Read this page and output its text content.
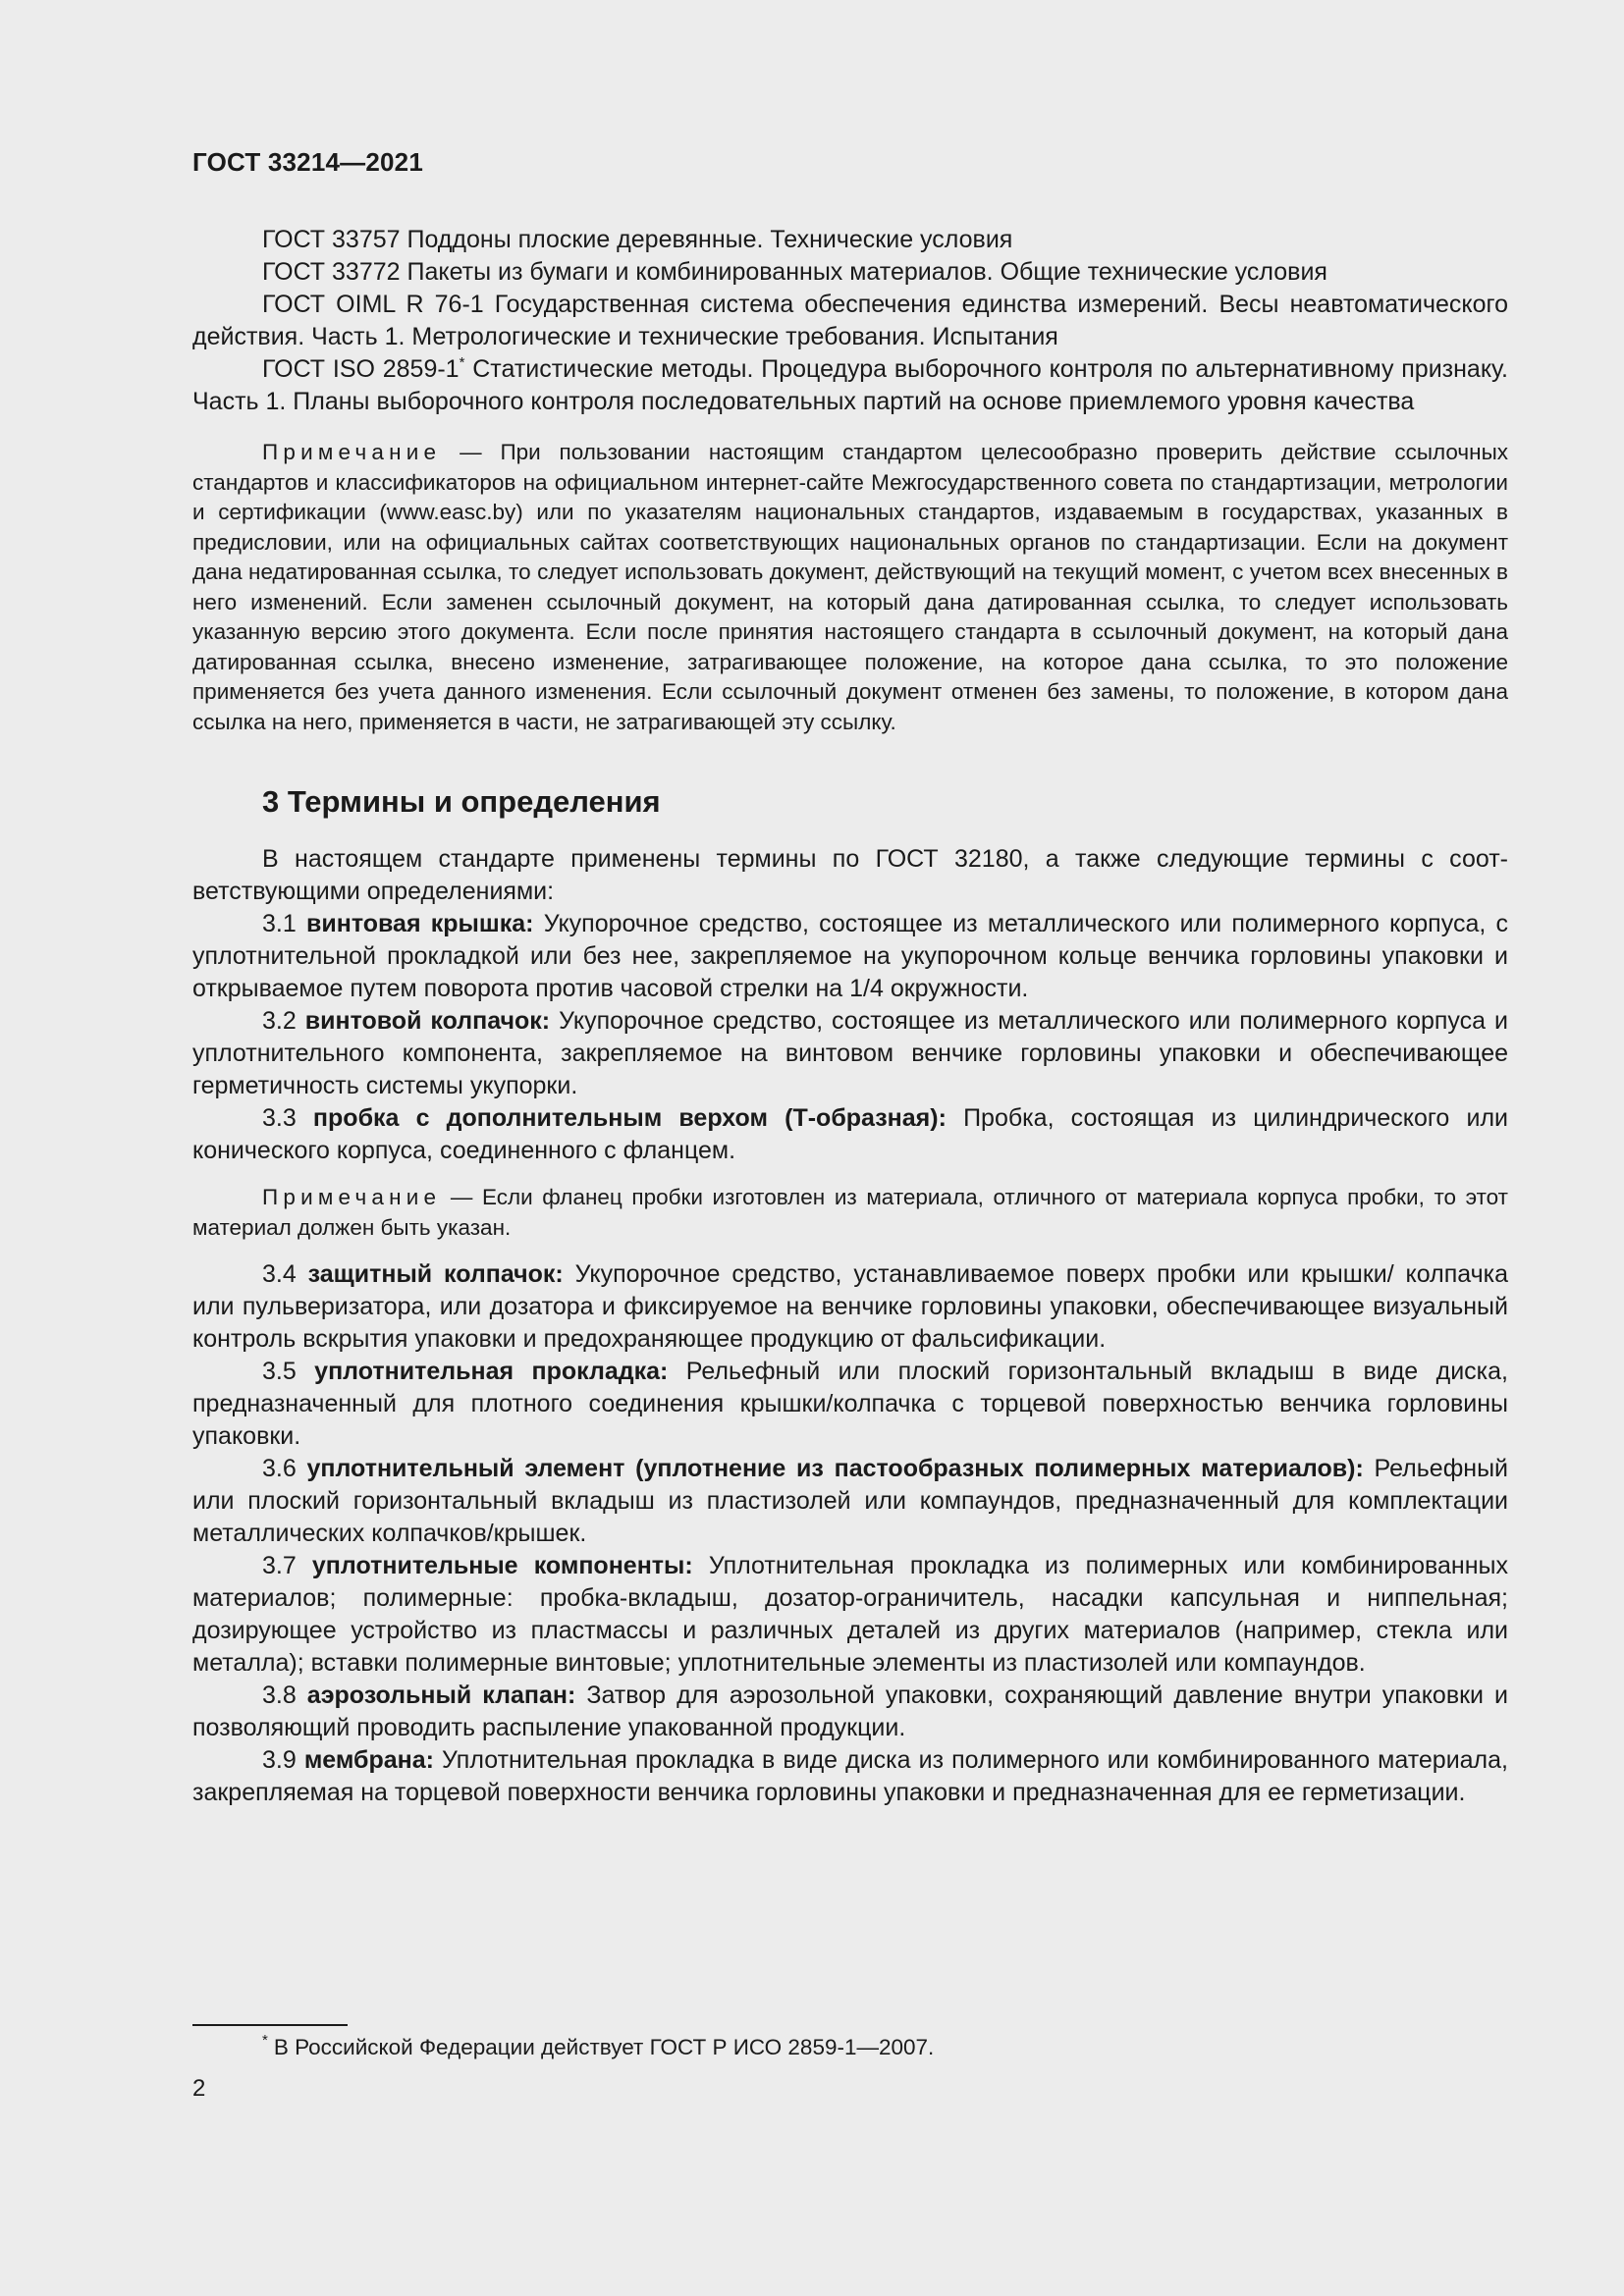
ГОСТ 33214—2021

ГОСТ 33757 Поддоны плоские деревянные. Технические условия

ГОСТ 33772 Пакеты из бумаги и комбинированных материалов. Общие технические условия

ГОСТ OIML R 76-1 Государственная система обеспечения единства измерений. Весы неавтоматического действия. Часть 1. Метрологические и технические требования. Испытания

ГОСТ ISO 2859-1* Статистические методы. Процедура выборочного контроля по альтернативному признаку. Часть 1. Планы выборочного контроля последовательных партий на основе приемлемого уровня качества

Примечание — При пользовании настоящим стандартом целесообразно проверить действие ссылочных стандартов и классификаторов на официальном интернет-сайте Межгосударственного совета по стандартизации, метрологии и сертификации (www.easc.by) или по указателям национальных стандартов, издаваемым в государствах, указанных в предисловии, или на официальных сайтах соответствующих национальных органов по стандартизации. Если на документ дана недатированная ссылка, то следует использовать документ, действующий на текущий момент, с учетом всех внесенных в него изменений. Если заменен ссылочный документ, на который дана датированная ссылка, то следует использовать указанную версию этого документа. Если после принятия настоящего стандарта в ссылочный документ, на который дана датированная ссылка, внесено изменение, затрагивающее положение, на которое дана ссылка, то это положение применяется без учета данного изменения. Если ссылочный документ отменен без замены, то положение, в котором дана ссылка на него, применяется в части, не затрагивающей эту ссылку.

3 Термины и определения

В настоящем стандарте применены термины по ГОСТ 32180, а также следующие термины с соответствующими определениями:

3.1 винтовая крышка: Укупорочное средство, состоящее из металлического или полимерного корпуса, с уплотнительной прокладкой или без нее, закрепляемое на укупорочном кольце венчика горловины упаковки и открываемое путем поворота против часовой стрелки на 1/4 окружности.

3.2 винтовой колпачок: Укупорочное средство, состоящее из металлического или полимерного корпуса и уплотнительного компонента, закрепляемое на винтовом венчике горловины упаковки и обеспечивающее герметичность системы укупорки.

3.3 пробка с дополнительным верхом (Т-образная): Пробка, состоящая из цилиндрического или конического корпуса, соединенного с фланцем.

Примечание — Если фланец пробки изготовлен из материала, отличного от материала корпуса пробки, то этот материал должен быть указан.

3.4 защитный колпачок: Укупорочное средство, устанавливаемое поверх пробки или крышки/ колпачка или пульверизатора, или дозатора и фиксируемое на венчике горловины упаковки, обеспечивающее визуальный контроль вскрытия упаковки и предохраняющее продукцию от фальсификации.

3.5 уплотнительная прокладка: Рельефный или плоский горизонтальный вкладыш в виде диска, предназначенный для плотного соединения крышки/колпачка с торцевой поверхностью венчика горловины упаковки.

3.6 уплотнительный элемент (уплотнение из пастообразных полимерных материалов): Рельефный или плоский горизонтальный вкладыш из пластизолей или компаундов, предназначенный для комплектации металлических колпачков/крышек.

3.7 уплотнительные компоненты: Уплотнительная прокладка из полимерных или комбинированных материалов; полимерные: пробка-вкладыш, дозатор-ограничитель, насадки капсульная и ниппельная; дозирующее устройство из пластмассы и различных деталей из других материалов (например, стекла или металла); вставки полимерные винтовые; уплотнительные элементы из пластизолей или компаундов.

3.8 аэрозольный клапан: Затвор для аэрозольной упаковки, сохраняющий давление внутри упаковки и позволяющий проводить распыление упакованной продукции.

3.9 мембрана: Уплотнительная прокладка в виде диска из полимерного или комбинированного материала, закрепляемая на торцевой поверхности венчика горловины упаковки и предназначенная для ее герметизации.

* В Российской Федерации действует ГОСТ Р ИСО 2859-1—2007.
2
